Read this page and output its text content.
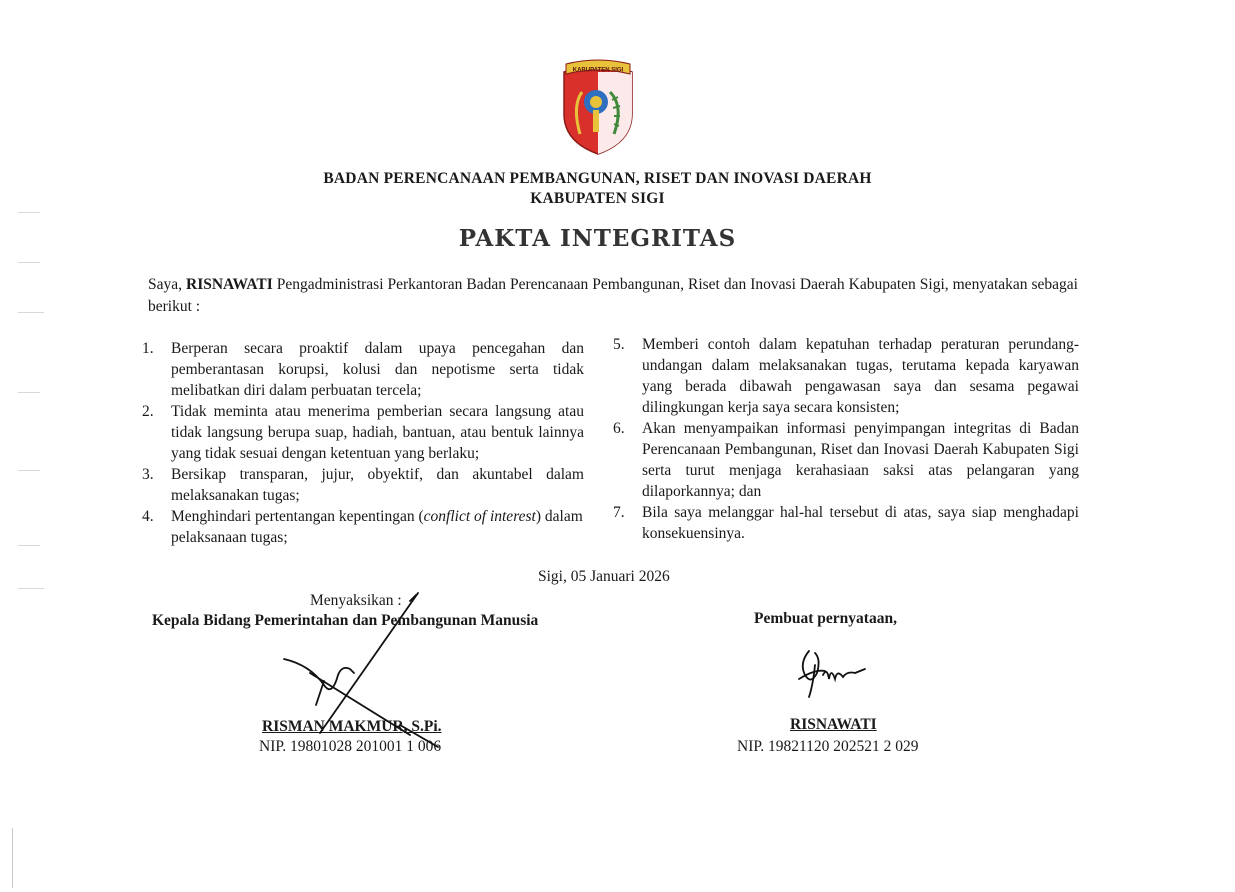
KABUPATEN SIGI
BADAN PERENCANAAN PEMBANGUNAN, RISET DAN INOVASI DAERAH
KABUPATEN SIGI
PAKTA INTEGRITAS
Saya, RISNAWATI Pengadministrasi Perkantoran Badan Perencanaan Pembangunan, Riset dan Inovasi Daerah Kabupaten Sigi, menyatakan sebagai berikut :
1.	Berperan secara proaktif dalam upaya pencegahan dan pemberantasan korupsi, kolusi dan nepotisme serta tidak melibatkan diri dalam perbuatan tercela;
2.	Tidak meminta atau menerima pemberian secara langsung atau tidak langsung berupa suap, hadiah, bantuan, atau bentuk lainnya yang tidak sesuai dengan ketentuan yang berlaku;
3.	Bersikap transparan, jujur, obyektif, dan akuntabel dalam melaksanakan tugas;
4.	Menghindari pertentangan kepentingan (conflict of interest) dalam pelaksanaan tugas;
5.	Memberi contoh dalam kepatuhan terhadap peraturan perundang-undangan dalam melaksanakan tugas, terutama kepada karyawan yang berada dibawah pengawasan saya dan sesama pegawai dilingkungan kerja saya secara konsisten;
6.	Akan menyampaikan informasi penyimpangan integritas di Badan Perencanaan Pembangunan, Riset dan Inovasi Daerah Kabupaten Sigi serta turut menjaga kerahasiaan saksi atas pelangaran yang dilaporkannya; dan
7.	Bila saya melanggar hal-hal tersebut di atas, saya siap menghadapi konsekuensinya.
Sigi, 05 Januari 2026
Menyaksikan :
Kepala Bidang Pemerintahan dan Pembangunan Manusia
RISMAN MAKMUR, S.Pi.
NIP. 19801028 201001 1 006
Pembuat pernyataan,
RISNAWATI
NIP. 19821120 202521 2 029
